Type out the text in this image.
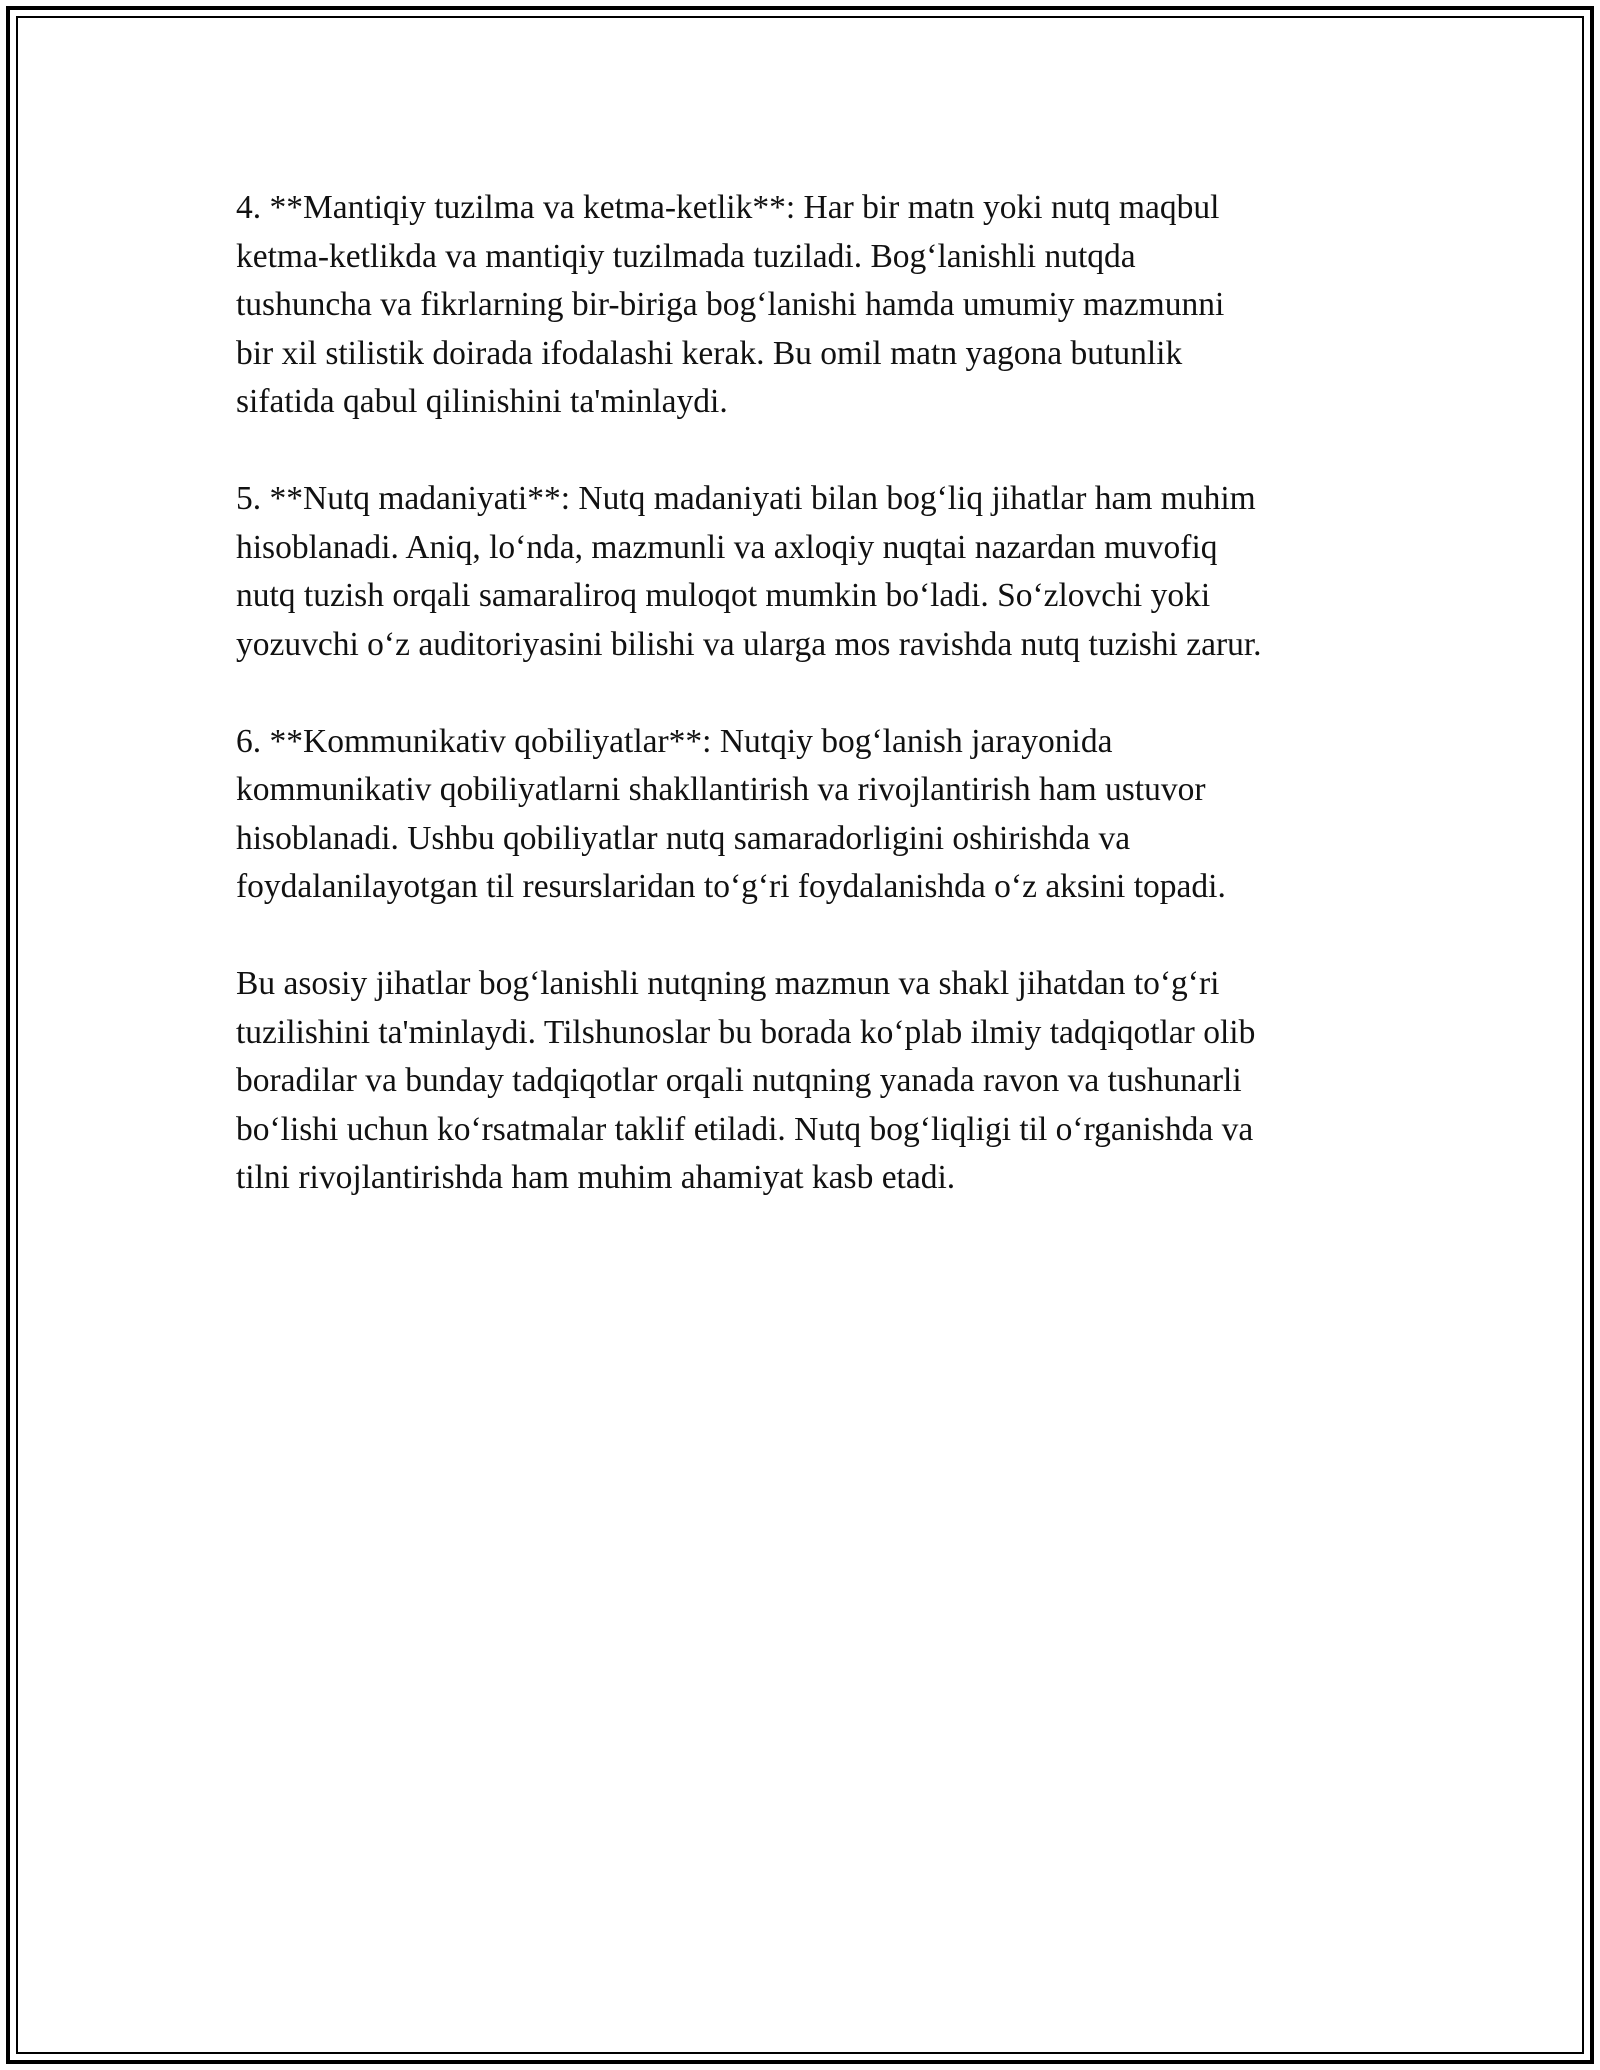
4. **Mantiqiy tuzilma va ketma-ketlik**: Har bir matn yoki nutq maqbul
ketma-ketlikda va mantiqiy tuzilmada tuziladi. Bog‘lanishli nutqda
tushuncha va fikrlarning bir-biriga bog‘lanishi hamda umumiy mazmunni
bir xil stilistik doirada ifodalashi kerak. Bu omil matn yagona butunlik
sifatida qabul qilinishini ta'minlaydi.

5. **Nutq madaniyati**: Nutq madaniyati bilan bog‘liq jihatlar ham muhim
hisoblanadi. Aniq, lo‘nda, mazmunli va axloqiy nuqtai nazardan muvofiq
nutq tuzish orqali samaraliroq muloqot mumkin bo‘ladi. So‘zlovchi yoki
yozuvchi o‘z auditoriyasini bilishi va ularga mos ravishda nutq tuzishi zarur.

6. **Kommunikativ qobiliyatlar**: Nutqiy bog‘lanish jarayonida
kommunikativ qobiliyatlarni shakllantirish va rivojlantirish ham ustuvor
hisoblanadi. Ushbu qobiliyatlar nutq samaradorligini oshirishda va
foydalanilayotgan til resurslaridan to‘g‘ri foydalanishda o‘z aksini topadi.

Bu asosiy jihatlar bog‘lanishli nutqning mazmun va shakl jihatdan to‘g‘ri
tuzilishini ta'minlaydi. Tilshunoslar bu borada ko‘plab ilmiy tadqiqotlar olib
boradilar va bunday tadqiqotlar orqali nutqning yanada ravon va tushunarli
bo‘lishi uchun ko‘rsatmalar taklif etiladi. Nutq bog‘liqligi til o‘rganishda va
tilni rivojlantirishda ham muhim ahamiyat kasb etadi.
